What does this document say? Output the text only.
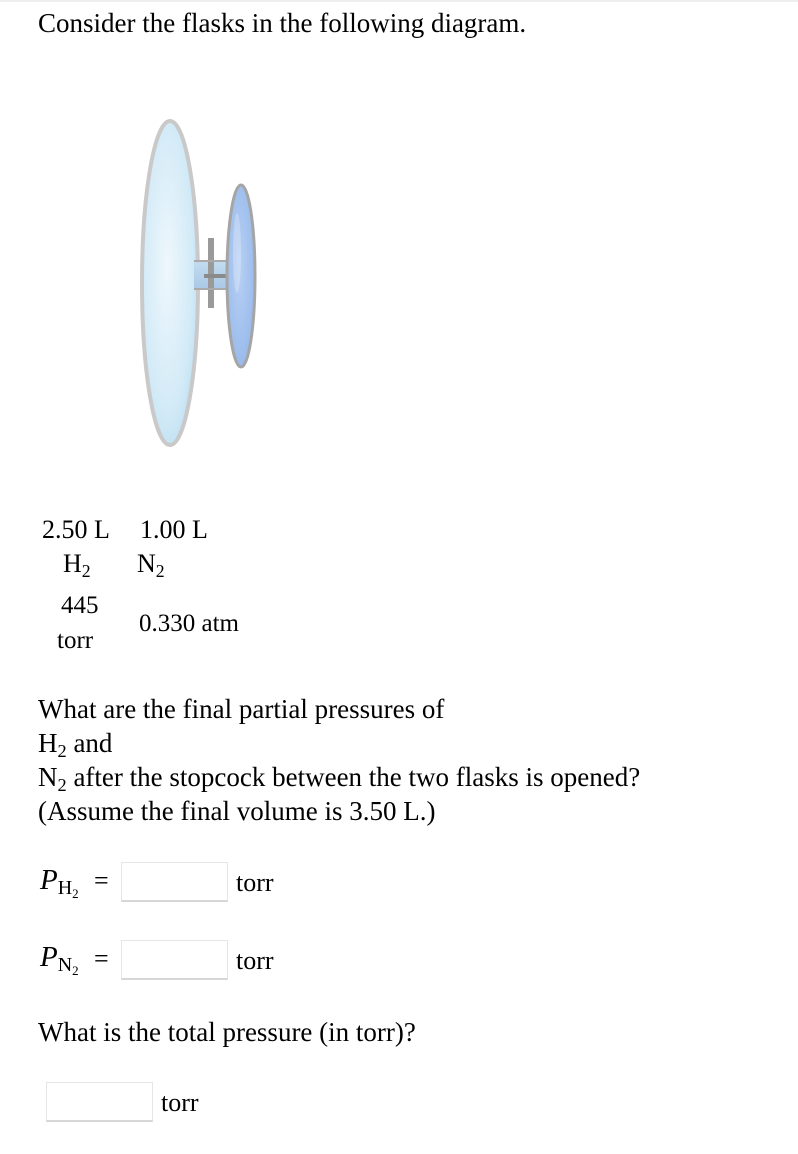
Consider the flasks in the following diagram.
2.50 L 1.00 L
$H_2$ $N_2$
445
torr
0.330 atm
What are the final partial pressures of
$H_2$ and
$N_2$ after the stopcock between the two flasks is opened?
(Assume the final volume is 3.50 L.)
$PH_2$ =	torr
$PN_2$ =	torr
What is the total pressure (in torr)?
torr
